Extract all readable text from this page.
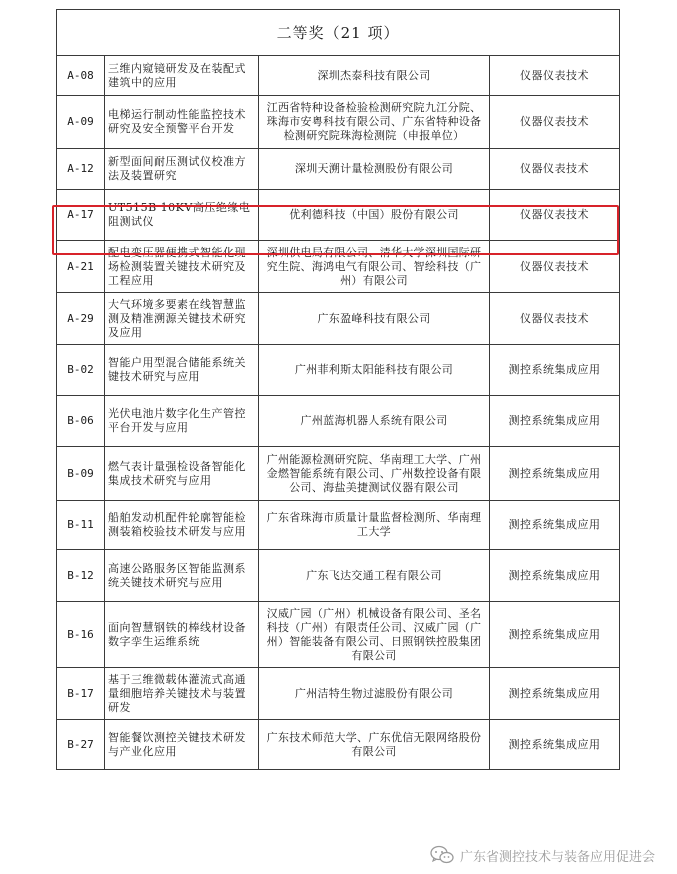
二等奖（21 项）			
A-08	三维内窥镜研发及在装配式建筑中的应用	深圳杰泰科技有限公司	仪器仪表技术
A-09	电梯运行制动性能监控技术研究及安全预警平台开发	江西省特种设备检验检测研究院九江分院、珠海市安粤科技有限公司、广东省特种设备检测研究院珠海检测院（申报单位）	仪器仪表技术
A-12	新型面间耐压测试仪校准方法及装置研究	深圳天溯计量检测股份有限公司	仪器仪表技术
A-17	UT515B 10KV高压绝缘电阻测试仪	优利德科技（中国）股份有限公司	仪器仪表技术
A-21	配电变压器便携式智能化现场检测装置关键技术研究及工程应用	深圳供电局有限公司、清华大学深圳国际研究生院、海鸿电气有限公司、智绘科技（广州）有限公司	仪器仪表技术
A-29	大气环境多要素在线智慧监测及精准溯源关键技术研究及应用	广东盈峰科技有限公司	仪器仪表技术
B-02	智能户用型混合储能系统关键技术研究与应用	广州菲利斯太阳能科技有限公司	测控系统集成应用
B-06	光伏电池片数字化生产管控平台开发与应用	广州蓝海机器人系统有限公司	测控系统集成应用
B-09	燃气表计量强检设备智能化集成技术研究与应用	广州能源检测研究院、华南理工大学、广州金燃智能系统有限公司、广州数控设备有限公司、海盐美捷测试仪器有限公司	测控系统集成应用
B-11	船舶发动机配件轮廓智能检测装箱校验技术研发与应用	广东省珠海市质量计量监督检测所、华南理工大学	测控系统集成应用
B-12	高速公路服务区智能监测系统关键技术研究与应用	广东飞达交通工程有限公司	测控系统集成应用
B-16	面向智慧钢铁的棒线材设备数字孪生运维系统	汉威广园（广州）机械设备有限公司、圣名科技（广州）有限责任公司、汉威广园（广州）智能装备有限公司、日照钢铁控股集团有限公司	测控系统集成应用
B-17	基于三维微载体灌流式高通量细胞培养关键技术与装置研发	广州洁特生物过滤股份有限公司	测控系统集成应用
B-27	智能餐饮测控关键技术研发与产业化应用	广东技术师范大学、广东优信无限网络股份有限公司	测控系统集成应用
广东省测控技术与装备应用促进会
